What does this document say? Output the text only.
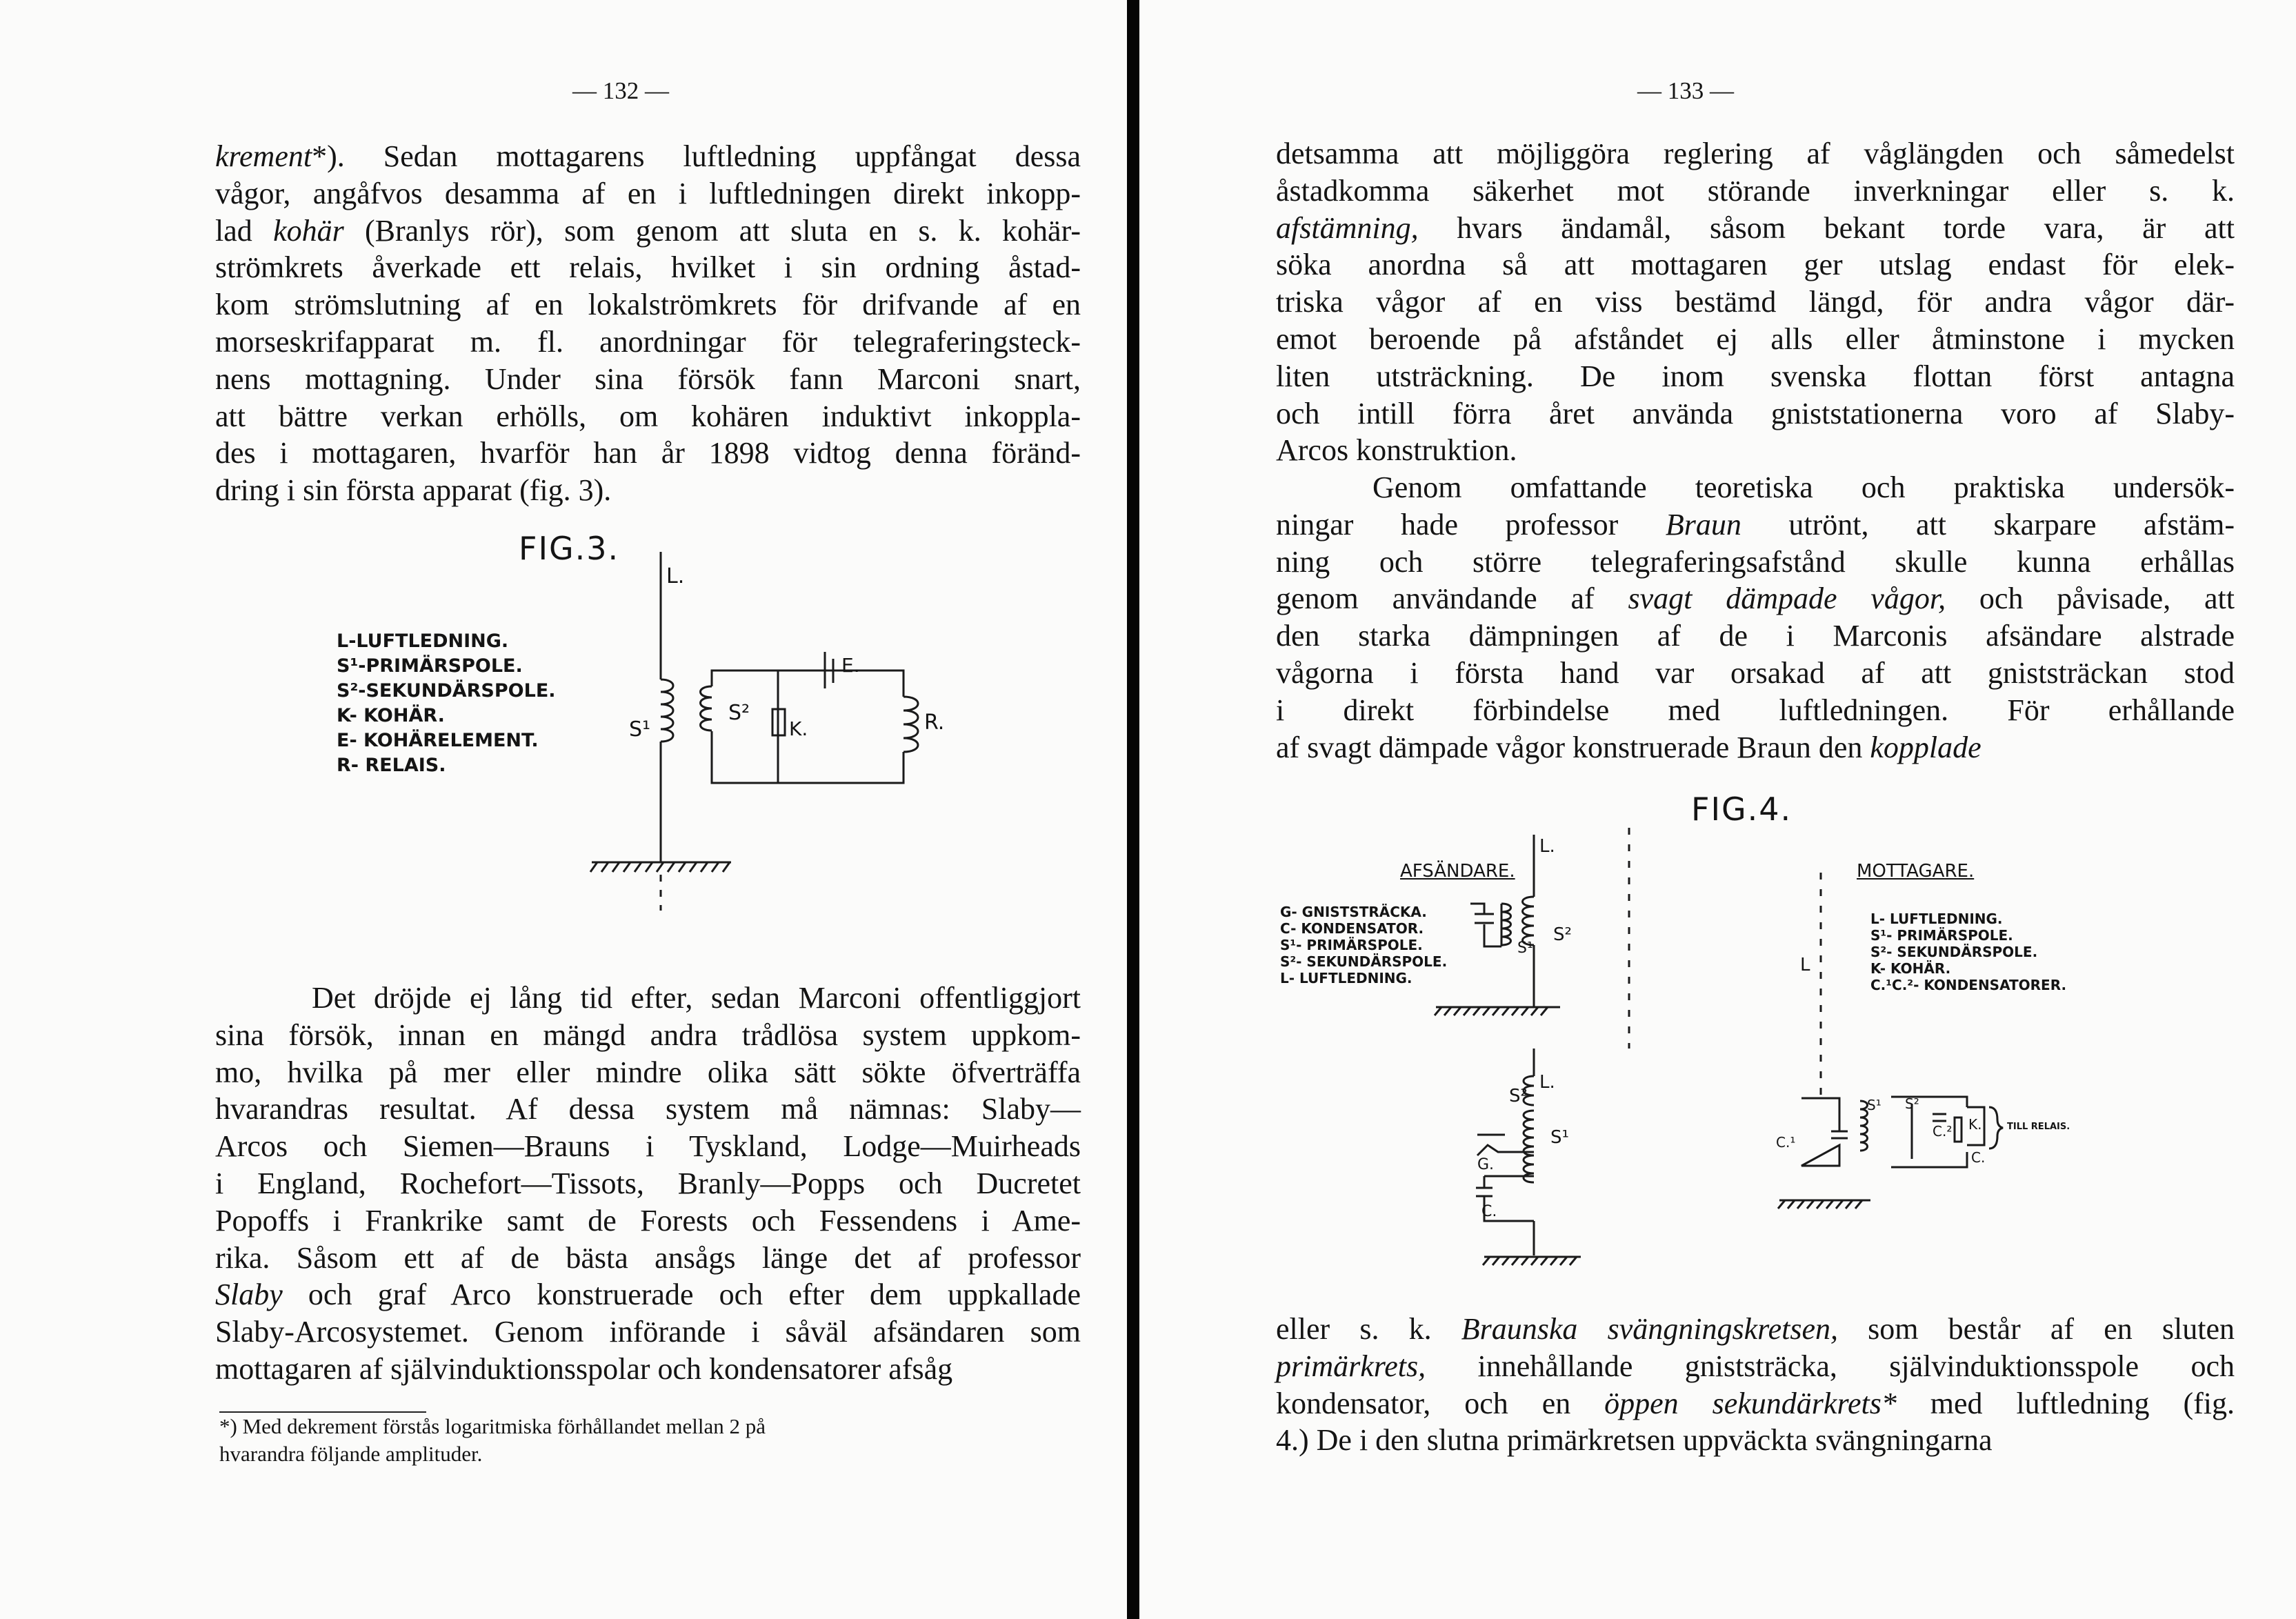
— 132 —

krement*). Sedan mottagarens luftledning uppfångat dessa

vågor, angåfvos desamma af en i luftledningen direkt inkopp-

lad kohär (Branlys rör), som genom att sluta en s. k. kohär-

strömkrets åverkade ett relais, hvilket i sin ordning åstad-

kom strömslutning af en lokalströmkrets för drifvande af en

morseskrifapparat m. fl. anordningar för telegraferingsteck-

nens mottagning. Under sina försök fann Marconi snart,

att bättre verkan erhölls, om kohären induktivt inkoppla-

des i mottagaren, hvarför han år 1898 vidtog denna föränd-

dring i sin första apparat (fig. 3).

FIG.3.
L-LUFTLEDNING.
S¹-PRIMÄRSPOLE.
S²-SEKUNDÄRSPOLE.
K- KOHÄR.
E- KOHÄRELEMENT.
R- RELAIS.
L.
S¹
S²
K.
E.
R.

Det dröjde ej lång tid efter, sedan Marconi offentliggjort

sina försök, innan en mängd andra trådlösa system uppkom-

mo, hvilka på mer eller mindre olika sätt sökte öfverträffa

hvarandras resultat. Af dessa system må nämnas: Slaby—

Arcos och Siemen—Brauns i Tyskland, Lodge—Muirheads

i England, Rochefort—Tissots, Branly—Popps och Ducretet

Popoffs i Frankrike samt de Forests och Fessendens i Ame-

rika. Såsom ett af de bästa ansågs länge det af professor

Slaby och graf Arco konstruerade och efter dem uppkallade

Slaby-Arcosystemet. Genom införande i såväl afsändaren som

mottagaren af självinduktionsspolar och kondensatorer afsåg

*) Med dekrement förstås logaritmiska förhållandet mellan 2 på
hvarandra följande amplituder.
— 133 —

detsamma att möjliggöra reglering af våglängden och såmedelst

åstadkomma säkerhet mot störande inverkningar eller s. k.

afstämning, hvars ändamål, såsom bekant torde vara, är att

söka anordna så att mottagaren ger utslag endast för elek-

triska vågor af en viss bestämd längd, för andra vågor där-

emot beroende på afståndet ej alls eller åtminstone i mycken

liten utsträckning. De inom svenska flottan först antagna

och intill förra året använda gniststationerna voro af Slaby-

Arcos konstruktion.

Genom omfattande teoretiska och praktiska undersök-

ningar hade professor Braun utrönt, att skarpare afstäm-

ning och större telegraferingsafstånd skulle kunna erhållas

genom användande af svagt dämpade vågor, och påvisade, att

den starka dämpningen af de i Marconis afsändare alstrade

vågorna i första hand var orsakad af att gniststräckan stod

i direkt förbindelse med luftledningen. För erhållande

af svagt dämpade vågor konstruerade Braun den kopplade

FIG.4.
AFSÄNDARE.	MOTTAGARE.
G- GNISTSTRÄCKA.
C- KONDENSATOR.
S¹- PRIMÄRSPOLE.
S²- SEKUNDÄRSPOLE.
L- LUFTLEDNING.
L- LUFTLEDNING.
S¹- PRIMÄRSPOLE.
S²- SEKUNDÄRSPOLE.
K- KOHÄR.
C.¹C.²- KONDENSATORER.
L.
S²
S¹
L.
S²
S¹
G.
C.
L
C.¹
S¹ S²
C.² K.
C.
TILL RELAIS.

eller s. k. Braunska svängningskretsen, som består af en sluten

primärkrets, innehållande gniststräcka, självinduktionsspole och

kondensator, och en öppen sekundärkrets* med luftledning (fig.

4.) De i den slutna primärkretsen uppväckta svängningarna
